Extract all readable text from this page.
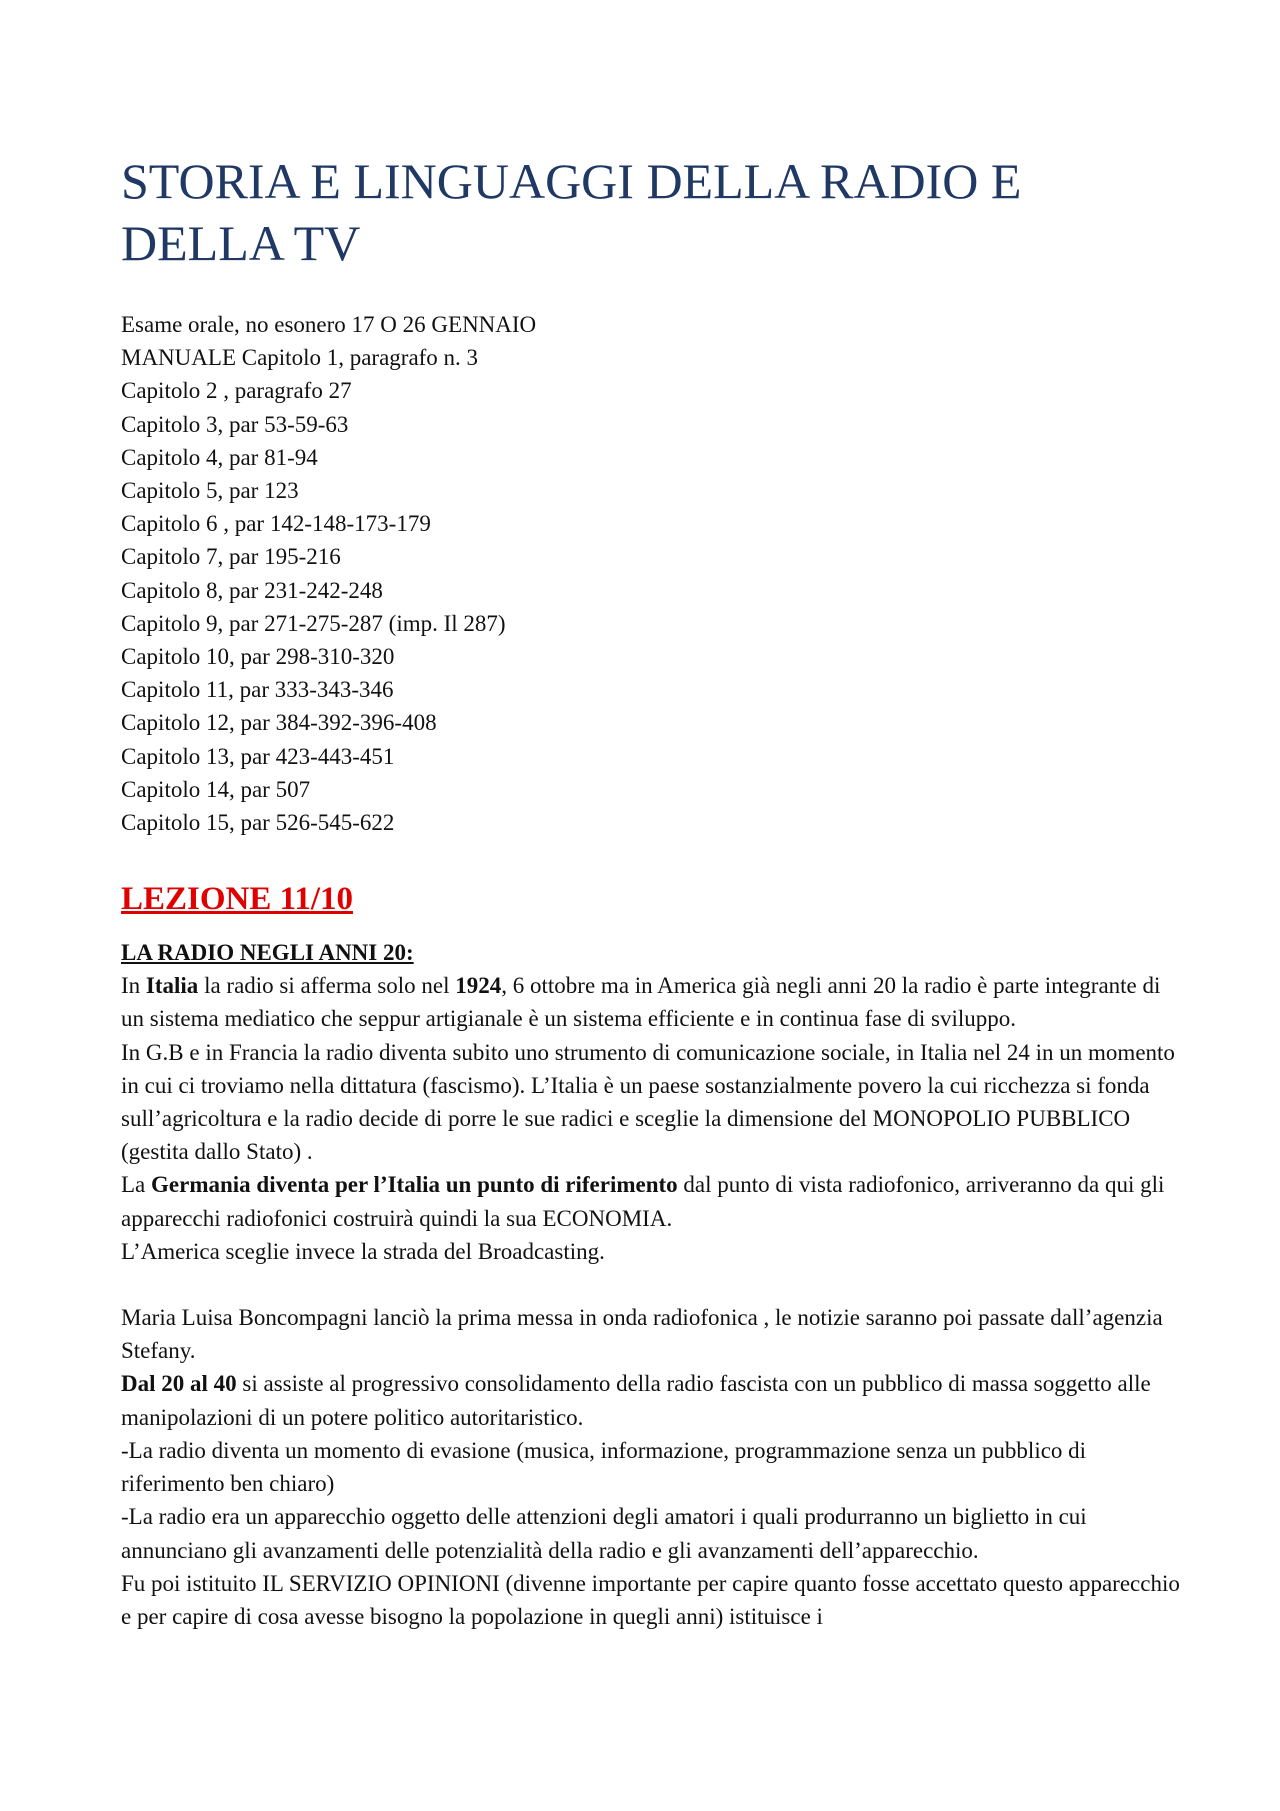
STORIA E LINGUAGGI DELLA RADIO E DELLA TV
Esame orale, no esonero 17 O 26 GENNAIO
MANUALE Capitolo 1, paragrafo n. 3
Capitolo 2 , paragrafo 27
Capitolo 3, par 53-59-63
Capitolo 4, par 81-94
Capitolo 5, par 123
Capitolo 6 , par 142-148-173-179
Capitolo 7, par 195-216
Capitolo 8, par 231-242-248
Capitolo 9, par 271-275-287 (imp. Il 287)
Capitolo 10, par 298-310-320
Capitolo 11, par 333-343-346
Capitolo 12, par 384-392-396-408
Capitolo 13, par 423-443-451
Capitolo 14, par 507
Capitolo 15, par 526-545-622
LEZIONE 11/10
LA RADIO NEGLI ANNI 20:

In Italia la radio si afferma solo nel 1924, 6 ottobre ma in America già negli anni 20 la radio è parte integrante di un sistema mediatico che seppur artigianale è un sistema efficiente e in continua fase di sviluppo.

In G.B e in Francia la radio diventa subito uno strumento di comunicazione sociale, in Italia nel 24 in un momento in cui ci troviamo nella dittatura (fascismo). L’Italia è un paese sostanzialmente povero la cui ricchezza si fonda sull’agricoltura e la radio decide di porre le sue radici e sceglie la dimensione del MONOPOLIO PUBBLICO (gestita dallo Stato) .

La Germania diventa per l’Italia un punto di riferimento dal punto di vista radiofonico, arriveranno da qui gli apparecchi radiofonici costruirà quindi la sua ECONOMIA.

L’America sceglie invece la strada del Broadcasting.

Maria Luisa Boncompagni lanciò la prima messa in onda radiofonica , le notizie saranno poi passate dall’agenzia Stefany.

Dal 20 al 40 si assiste al progressivo consolidamento della radio fascista con un pubblico di massa soggetto alle manipolazioni di un potere politico autoritaristico.

-La radio diventa un momento di evasione (musica, informazione, programmazione senza un pubblico di riferimento ben chiaro)

-La radio era un apparecchio oggetto delle attenzioni degli amatori i quali produrranno un biglietto in cui annunciano gli avanzamenti delle potenzialità della radio e gli avanzamenti dell’apparecchio.

Fu poi istituito IL SERVIZIO OPINIONI (divenne importante per capire quanto fosse accettato questo apparecchio e per capire di cosa avesse bisogno la popolazione in quegli anni) istituisce i
